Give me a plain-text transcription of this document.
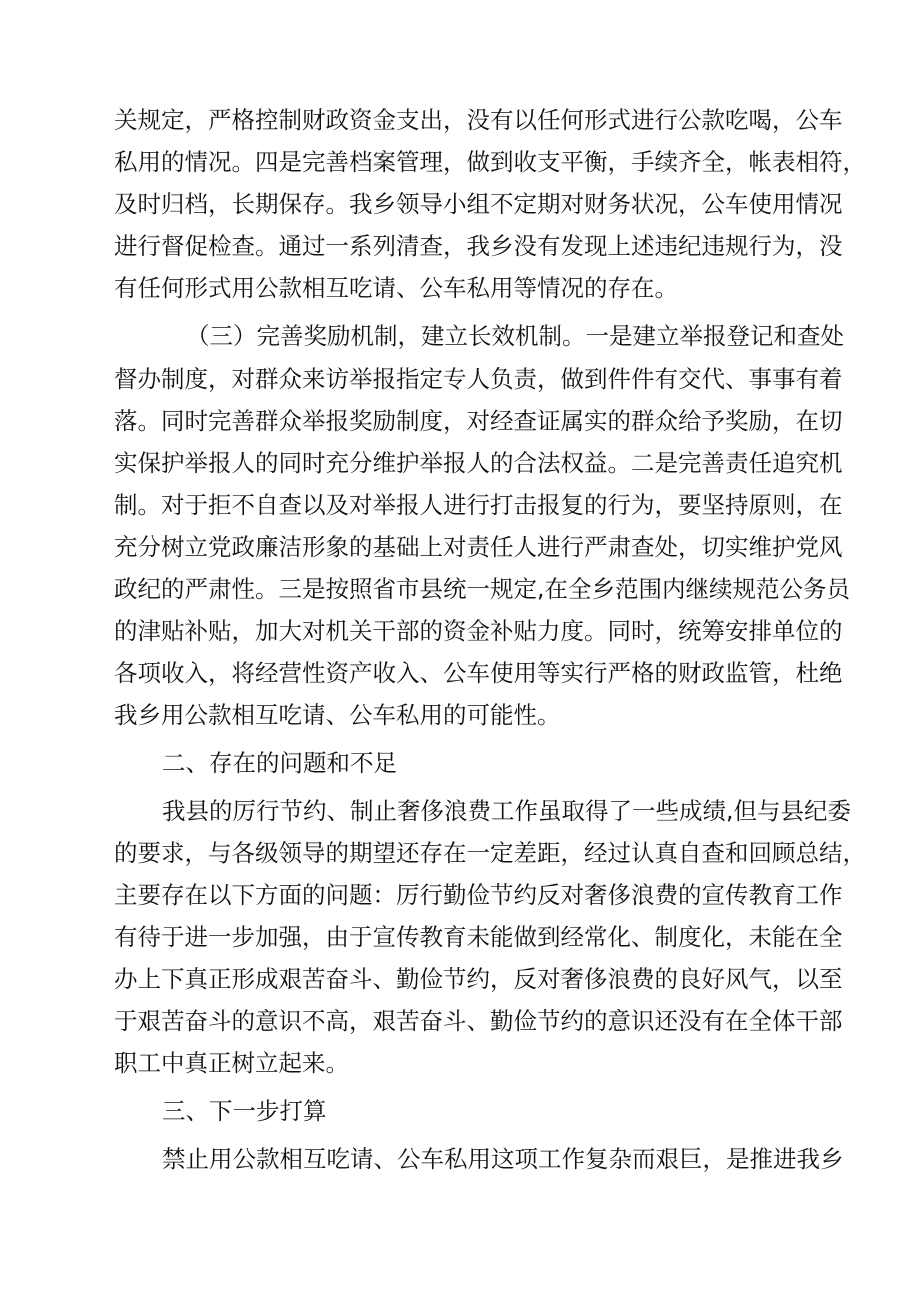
关规定，严格控制财政资金支出，没有以任何形式进行公款吃喝，公车
私用的情况。四是完善档案管理，做到收支平衡，手续齐全，帐表相符，
及时归档，长期保存。我乡领导小组不定期对财务状况，公车使用情况
进行督促检查。通过一系列清查，我乡没有发现上述违纪违规行为，没
有任何形式用公款相互吃请、公车私用等情况的存在。
（三）完善奖励机制，建立长效机制。一是建立举报登记和查处
督办制度，对群众来访举报指定专人负责，做到件件有交代、事事有着
落。同时完善群众举报奖励制度，对经查证属实的群众给予奖励，在切
实保护举报人的同时充分维护举报人的合法权益。二是完善责任追究机
制。对于拒不自查以及对举报人进行打击报复的行为，要坚持原则，在
充分树立党政廉洁形象的基础上对责任人进行严肃查处，切实维护党风
政纪的严肃性。三是按照省市县统一规定,在全乡范围内继续规范公务员
的津贴补贴，加大对机关干部的资金补贴力度。同时，统筹安排单位的
各项收入，将经营性资产收入、公车使用等实行严格的财政监管，杜绝
我乡用公款相互吃请、公车私用的可能性。
二、存在的问题和不足
我县的厉行节约、制止奢侈浪费工作虽取得了一些成绩,但与县纪委
的要求，与各级领导的期望还存在一定差距，经过认真自查和回顾总结，
主要存在以下方面的问题：厉行勤俭节约反对奢侈浪费的宣传教育工作
有待于进一步加强，由于宣传教育未能做到经常化、制度化，未能在全
办上下真正形成艰苦奋斗、勤俭节约，反对奢侈浪费的良好风气，以至
于艰苦奋斗的意识不高，艰苦奋斗、勤俭节约的意识还没有在全体干部
职工中真正树立起来。
三、下一步打算
禁止用公款相互吃请、公车私用这项工作复杂而艰巨，是推进我乡
